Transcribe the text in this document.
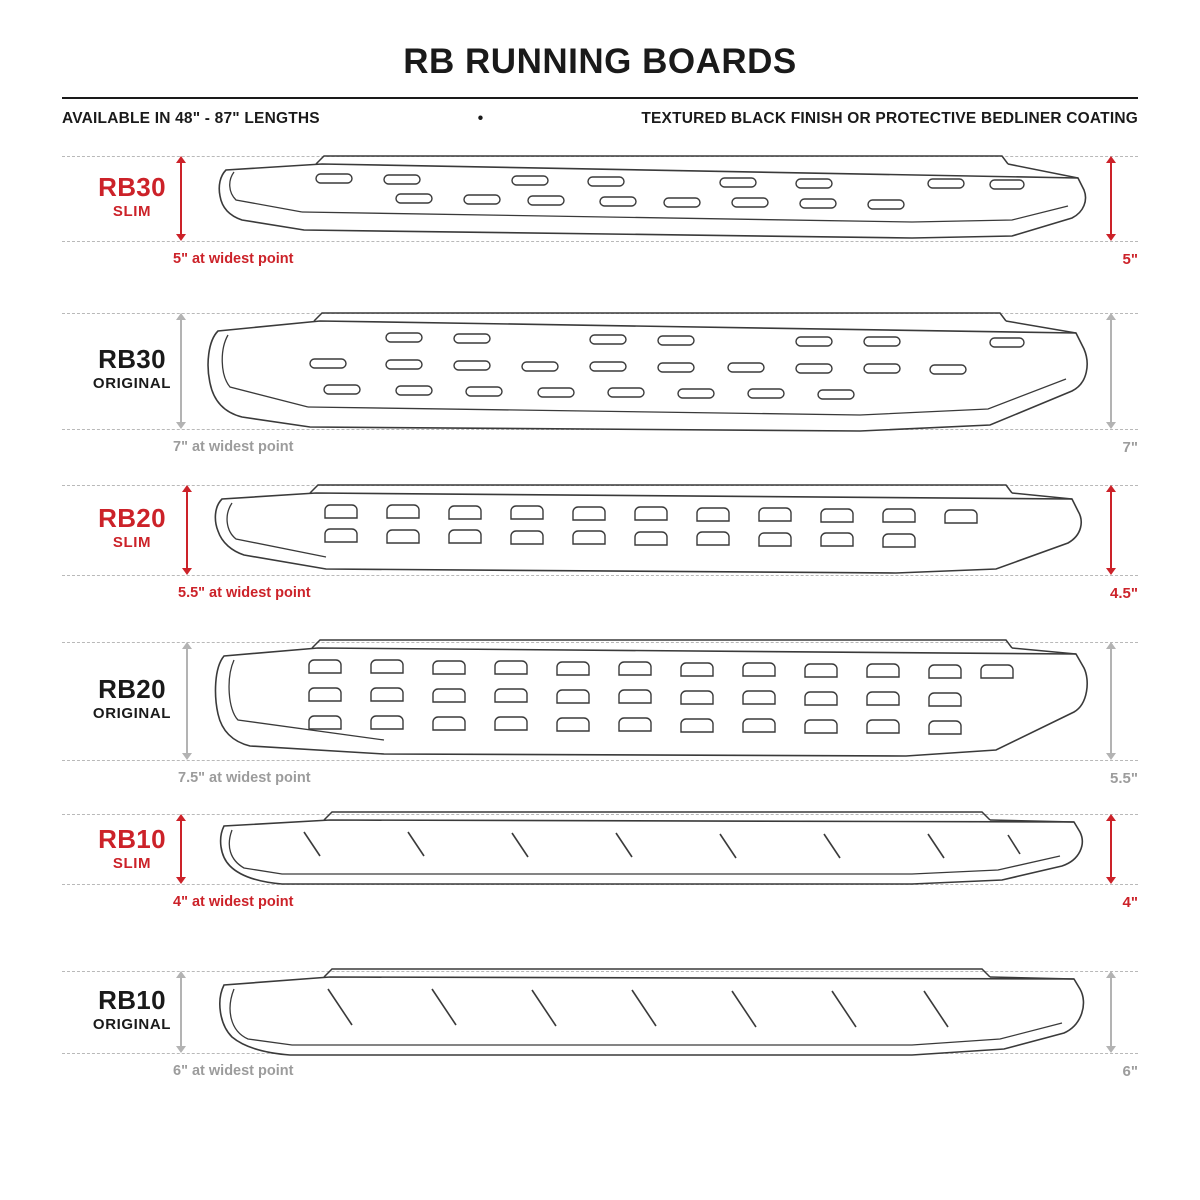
RB RUNNING BOARDS
AVAILABLE IN 48" - 87" LENGTHS	•	TEXTURED BLACK FINISH OR PROTECTIVE BEDLINER COATING
RB30
SLIM
5" at widest point	5"
RB30
ORIGINAL
7" at widest point	7"
RB20
SLIM
5.5" at widest point	4.5"
RB20
ORIGINAL
7.5" at widest point	5.5"
RB10
SLIM
4" at widest point	4"
RB10
ORIGINAL
6" at widest point	6"
